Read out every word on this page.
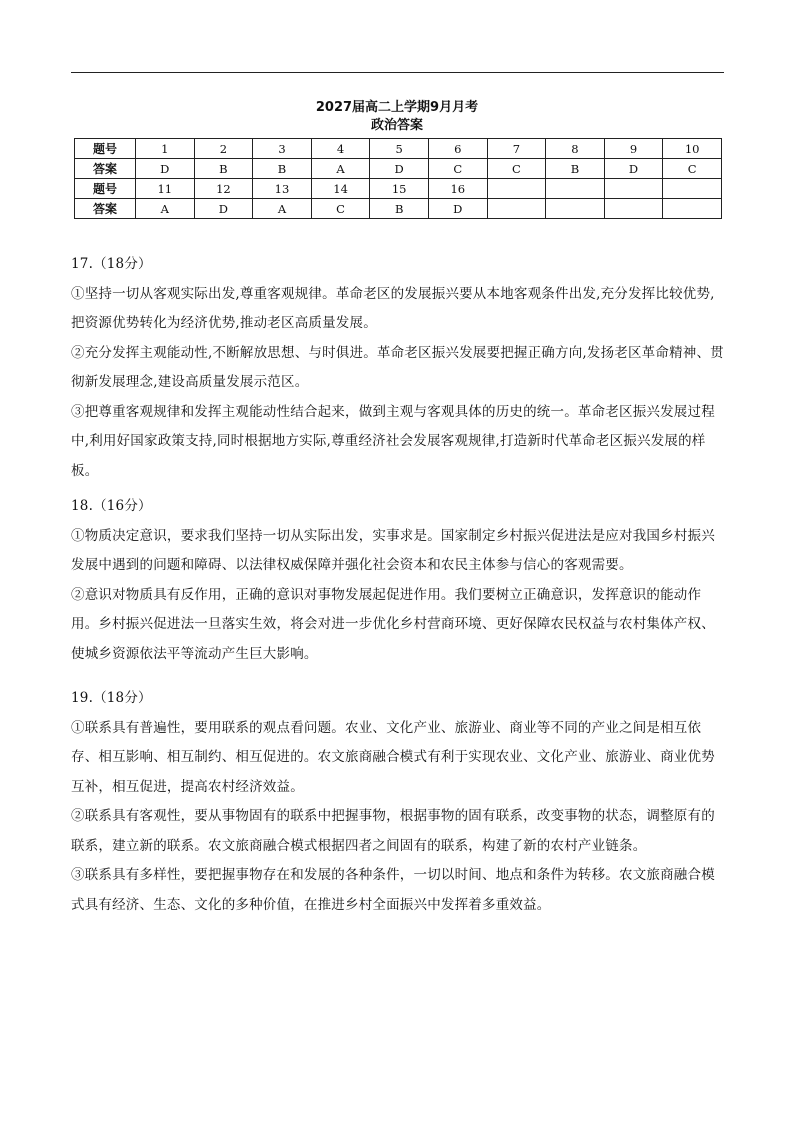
2027届高二上学期9月月考
政治答案
题号	1	2	3	4	5	6	7	8	9	10
答案	D	B	B	A	D	C	C	B	D	C
题号	11	12	13	14	15	16				
答案	A	D	A	C	B	D				

17.（18分）

①坚持一切从客观实际出发,尊重客观规律。革命老区的发展振兴要从本地客观条件出发,充分发挥比较优势,把资源优势转化为经济优势,推动老区高质量发展。

②充分发挥主观能动性,不断解放思想、与时俱进。革命老区振兴发展要把握正确方向,发扬老区革命精神、贯彻新发展理念,建设高质量发展示范区。

③把尊重客观规律和发挥主观能动性结合起来，做到主观与客观具体的历史的统一。革命老区振兴发展过程中,利用好国家政策支持,同时根据地方实际,尊重经济社会发展客观规律,打造新时代革命老区振兴发展的样板。

18.（16分）

①物质决定意识，要求我们坚持一切从实际出发，实事求是。国家制定乡村振兴促进法是应对我国乡村振兴发展中遇到的问题和障碍、以法律权威保障并强化社会资本和农民主体参与信心的客观需要。

②意识对物质具有反作用，正确的意识对事物发展起促进作用。我们要树立正确意识，发挥意识的能动作用。乡村振兴促进法一旦落实生效，将会对进一步优化乡村营商环境、更好保障农民权益与农村集体产权、使城乡资源依法平等流动产生巨大影响。

19.（18分）

①联系具有普遍性，要用联系的观点看问题。农业、文化产业、旅游业、商业等不同的产业之间是相互依存、相互影响、相互制约、相互促进的。农文旅商融合模式有利于实现农业、文化产业、旅游业、商业优势互补，相互促进，提高农村经济效益。

②联系具有客观性，要从事物固有的联系中把握事物，根据事物的固有联系，改变事物的状态，调整原有的联系，建立新的联系。农文旅商融合模式根据四者之间固有的联系，构建了新的农村产业链条。

③联系具有多样性，要把握事物存在和发展的各种条件，一切以时间、地点和条件为转移。农文旅商融合模式具有经济、生态、文化的多种价值，在推进乡村全面振兴中发挥着多重效益。
